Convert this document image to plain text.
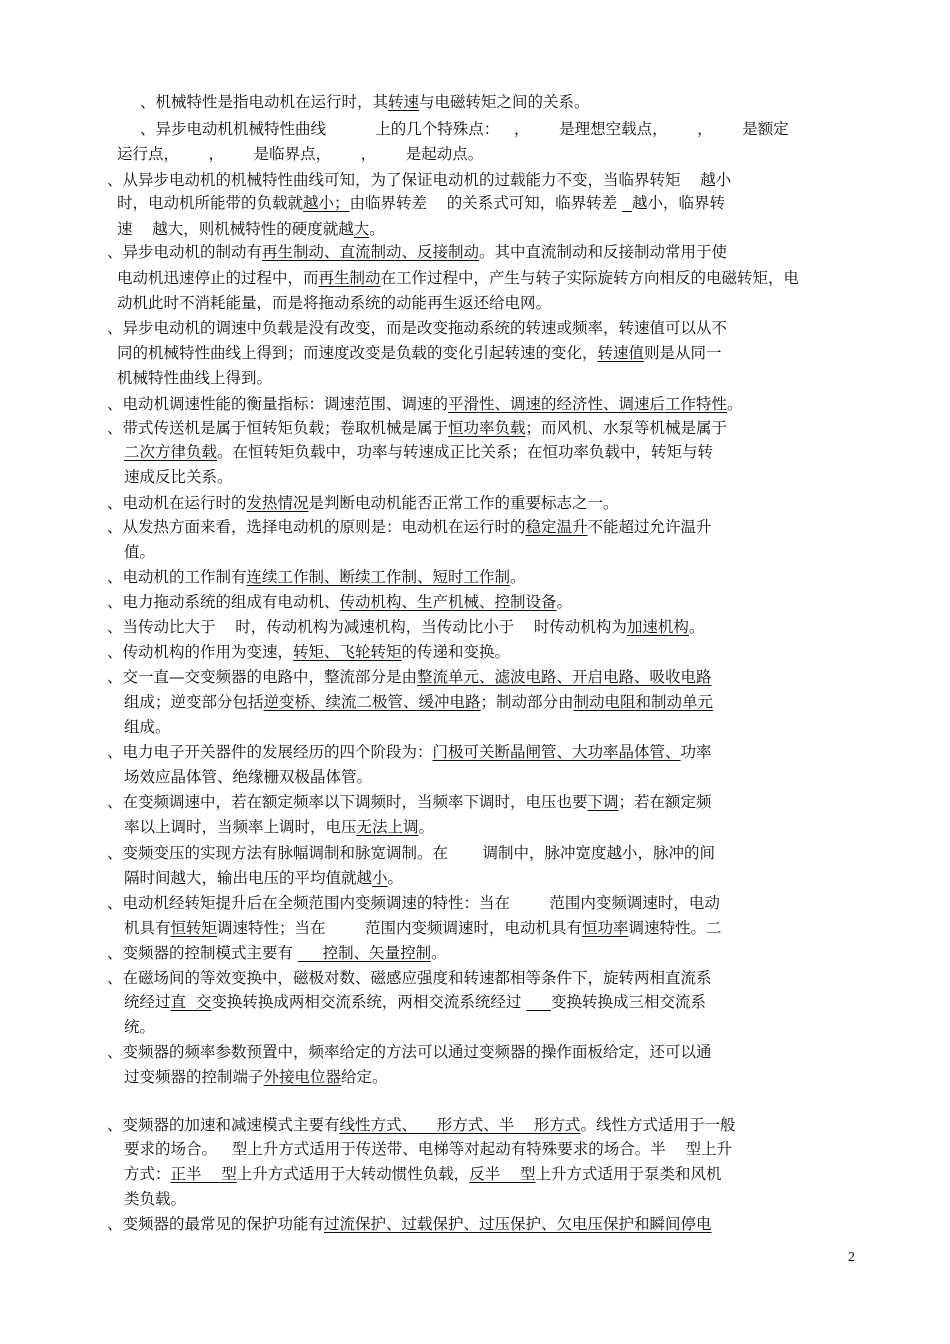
、机械特性是指电动机在运行时，其转速与电磁转矩之间的关系。
、异步电动机机械特性曲线          上的几个特殊点：   ，      是理想空载点，      ，      是额定
运行点，      ，      是临界点，      ，      是起动点。
、从异步电动机的机械特性曲线可知，为了保证电动机的过载能力不变，当临界转矩    越小
时，电动机所能带的负载就越小；由临界转差    的关系式可知，临界转差   越小，临界转
速    越大，则机械特性的硬度就越大。
、异步电动机的制动有再生制动、直流制动、反接制动。其中直流制动和反接制动常用于使
电动机迅速停止的过程中，而再生制动在工作过程中，产生与转子实际旋转方向相反的电磁转矩，电
动机此时不消耗能量，而是将拖动系统的动能再生返还给电网。
、异步电动机的调速中负载是没有改变，而是改变拖动系统的转速或频率，转速值可以从不
同的机械特性曲线上得到；而速度改变是负载的变化引起转速的变化，转速值则是从同一
机械特性曲线上得到。
、电动机调速性能的衡量指标：调速范围、调速的平滑性、调速的经济性、调速后工作特性。
、带式传送机是属于恒转矩负载；卷取机械是属于恒功率负载；而风机、水泵等机械是属于
二次方律负载。在恒转矩负载中，功率与转速成正比关系；在恒功率负载中，转矩与转
速成反比关系。
、电动机在运行时的发热情况是判断电动机能否正常工作的重要标志之一。
、从发热方面来看，选择电动机的原则是：电动机在运行时的稳定温升不能超过允许温升
值。
、电动机的工作制有连续工作制、断续工作制、短时工作制。
、电力拖动系统的组成有电动机、传动机构、生产机械、控制设备。
、当传动比大于    时，传动机构为减速机构，当传动比小于    时传动机构为加速机构。
、传动机构的作用为变速，转矩、飞轮转矩的传递和变换。
、交一直—交变频器的电路中，整流部分是由整流单元、滤波电路、开启电路、吸收电路
组成；逆变部分包括逆变桥、续流二极管、缓冲电路；制动部分由制动电阻和制动单元
组成。
、电力电子开关器件的发展经历的四个阶段为：门极可关断晶闸管、大功率晶体管、功率
场效应晶体管、绝缘栅双极晶体管。
、在变频调速中，若在额定频率以下调频时，当频率下调时，电压也要下调；若在额定频
率以上调时，当频率上调时，电压无法上调。
、变频变压的实现方法有脉幅调制和脉宽调制。在       调制中，脉冲宽度越小，脉冲的间
隔时间越大，输出电压的平均值就越小。
、电动机经转矩提升后在全频范围内变频调速的特性：当在        范围内变频调速时，电动
机具有恒转矩调速特性；当在        范围内变频调速时，电动机具有恒功率调速特性。二
、变频器的控制模式主要有      控制、矢量控制。
、在磁场间的等效变换中，磁极对数、磁感应强度和转速都相等条件下，旋转两相直流系
统经过直  交变换转换成两相交流系统，两相交流系统经过      变换转换成三相交流系
统。
、变频器的频率参数预置中，频率给定的方法可以通过变频器的操作面板给定，还可以通
过变频器的控制端子外接电位器给定。
、变频器的加速和减速模式主要有线性方式、    形方式、半    形方式。线性方式适用于一般
要求的场合。   型上升方式适用于传送带、电梯等对起动有特殊要求的场合。半    型上升
方式：正半    型上升方式适用于大转动惯性负载，反半    型上升方式适用于泵类和风机
类负载。
、变频器的最常见的保护功能有过流保护、过载保护、过压保护、欠电压保护和瞬间停电
2
